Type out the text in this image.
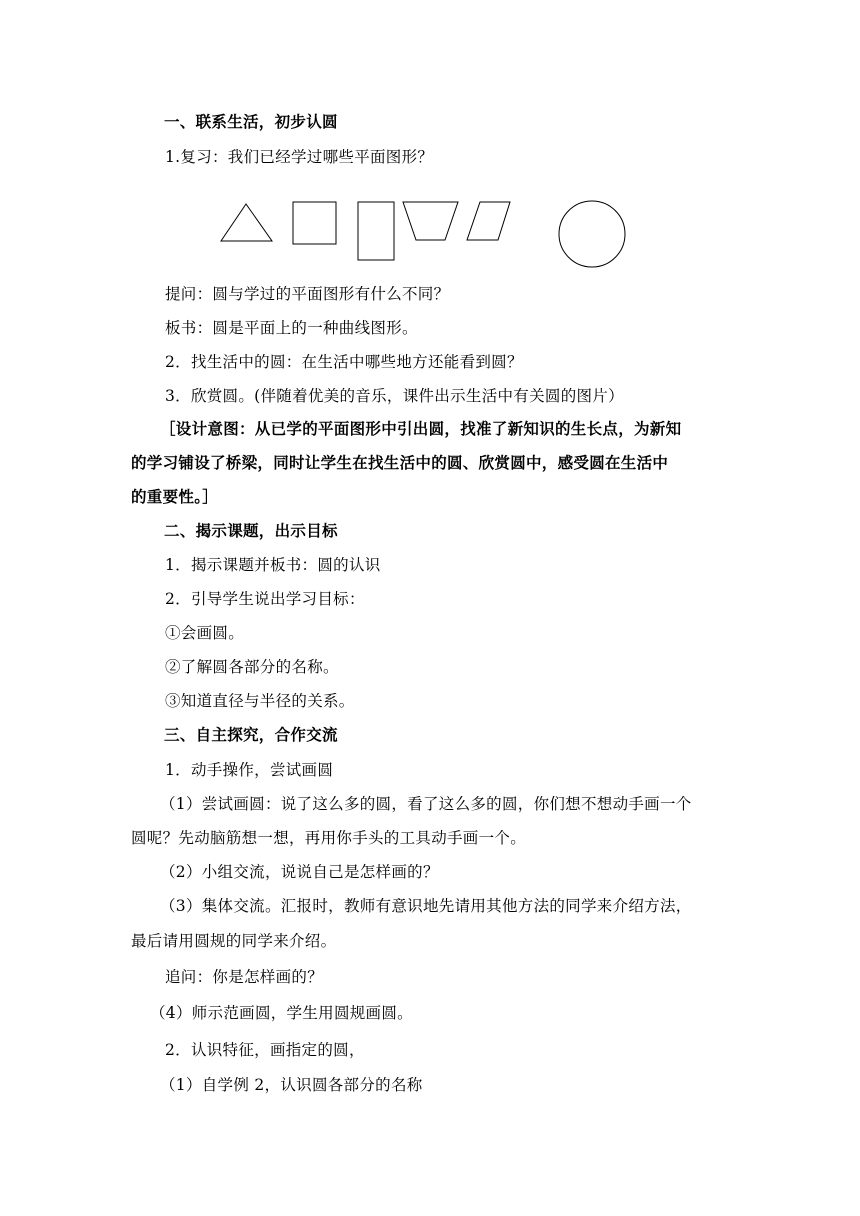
一、联系生活，初步认圆
1.复习：我们已经学过哪些平面图形？
提问：圆与学过的平面图形有什么不同？
板书：圆是平面上的一种曲线图形。
2．找生活中的圆：在生活中哪些地方还能看到圆？
3．欣赏圆。(伴随着优美的音乐，课件出示生活中有关圆的图片）
［设计意图：从已学的平面图形中引出圆，找准了新知识的生长点，为新知
的学习铺设了桥梁，同时让学生在找生活中的圆、欣赏圆中，感受圆在生活中
的重要性。］
二、揭示课题，出示目标
1．揭示课题并板书：圆的认识
2．引导学生说出学习目标：
①会画圆。
②了解圆各部分的名称。
③知道直径与半径的关系。
三、自主探究，合作交流
1．动手操作，尝试画圆
（1）尝试画圆：说了这么多的圆，看了这么多的圆，你们想不想动手画一个
圆呢？先动脑筋想一想，再用你手头的工具动手画一个。
（2）小组交流，说说自己是怎样画的？
（3）集体交流。汇报时，教师有意识地先请用其他方法的同学来介绍方法，
最后请用圆规的同学来介绍。
追问：你是怎样画的？
（4）师示范画圆，学生用圆规画圆。
2．认识特征，画指定的圆，
（1）自学例 2，认识圆各部分的名称
